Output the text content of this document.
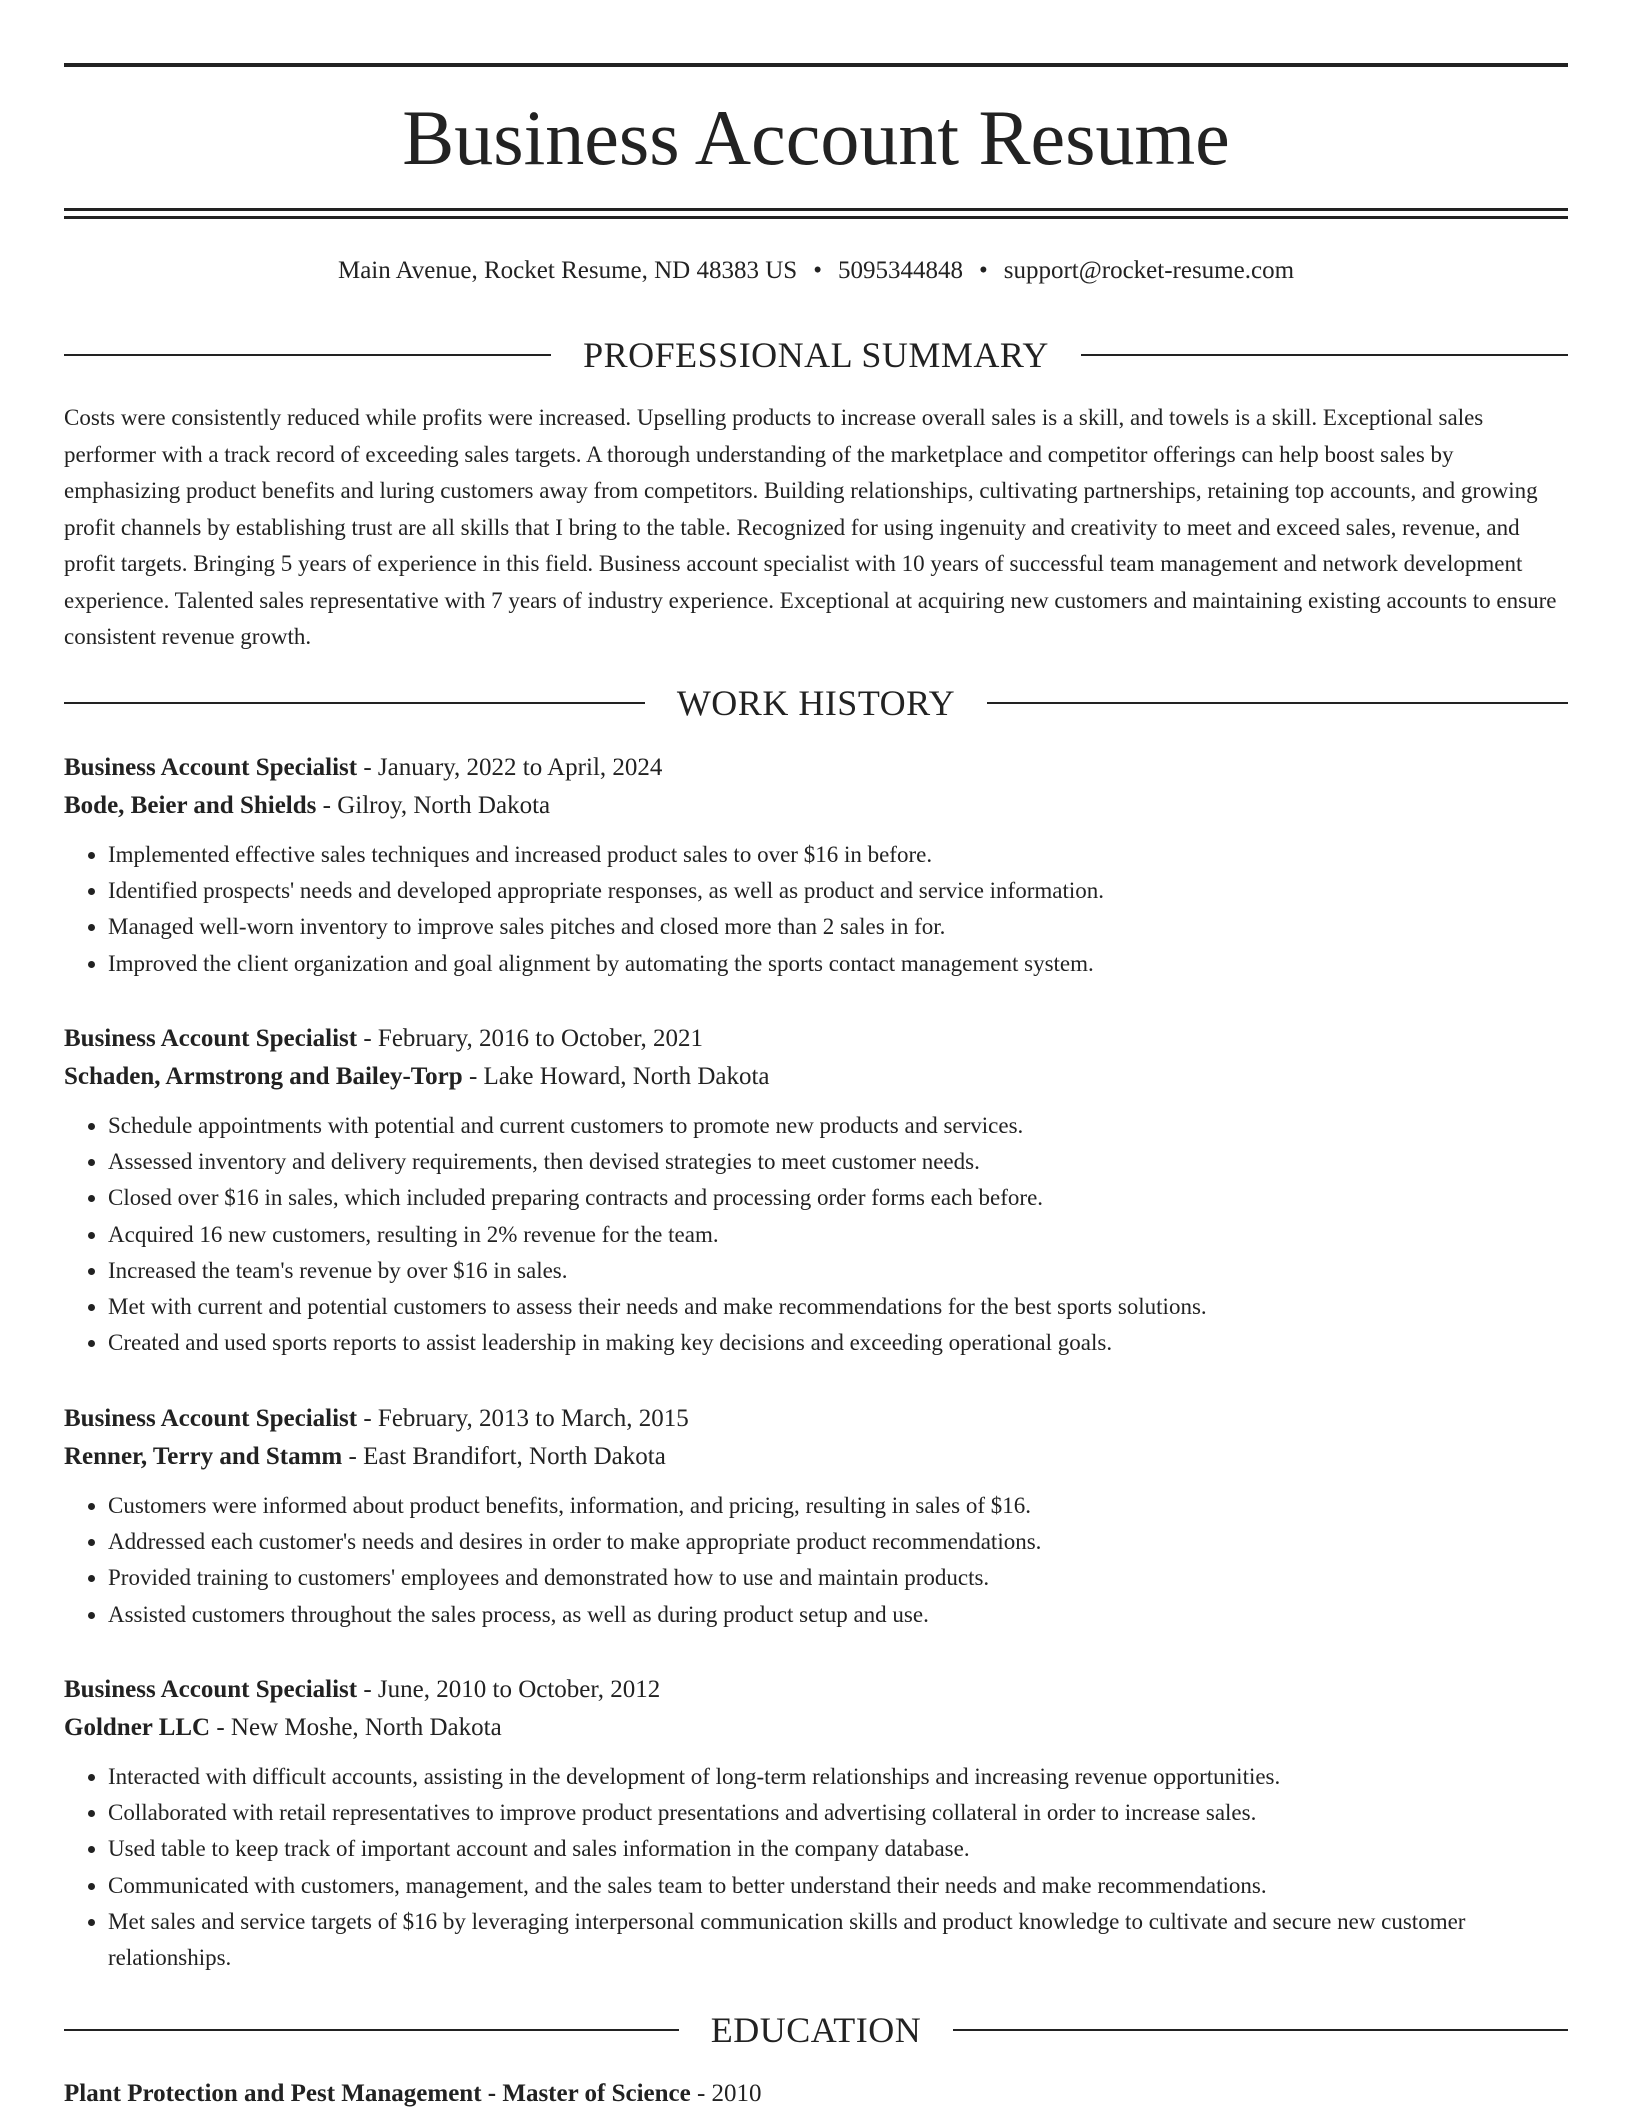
Business Account Resume
Main Avenue, Rocket Resume, ND 48383 US • 5095344848 • support@rocket-resume.com
PROFESSIONAL SUMMARY

Costs were consistently reduced while profits were increased. Upselling products to increase overall sales is a skill, and towels is a skill. Exceptional sales performer with a track record of exceeding sales targets. A thorough understanding of the marketplace and competitor offerings can help boost sales by emphasizing product benefits and luring customers away from competitors. Building relationships, cultivating partnerships, retaining top accounts, and growing profit channels by establishing trust are all skills that I bring to the table. Recognized for using ingenuity and creativity to meet and exceed sales, revenue, and profit targets. Bringing 5 years of experience in this field. Business account specialist with 10 years of successful team management and network development experience. Talented sales representative with 7 years of industry experience. Exceptional at acquiring new customers and maintaining existing accounts to ensure consistent revenue growth.

WORK HISTORY
Business Account Specialist - January, 2022 to April, 2024
Bode, Beier and Shields - Gilroy, North Dakota
• Implemented effective sales techniques and increased product sales to over $16 in before.
• Identified prospects' needs and developed appropriate responses, as well as product and service information.
• Managed well-worn inventory to improve sales pitches and closed more than 2 sales in for.
• Improved the client organization and goal alignment by automating the sports contact management system.
Business Account Specialist - February, 2016 to October, 2021
Schaden, Armstrong and Bailey-Torp - Lake Howard, North Dakota
• Schedule appointments with potential and current customers to promote new products and services.
• Assessed inventory and delivery requirements, then devised strategies to meet customer needs.
• Closed over $16 in sales, which included preparing contracts and processing order forms each before.
• Acquired 16 new customers, resulting in 2% revenue for the team.
• Increased the team's revenue by over $16 in sales.
• Met with current and potential customers to assess their needs and make recommendations for the best sports solutions.
• Created and used sports reports to assist leadership in making key decisions and exceeding operational goals.
Business Account Specialist - February, 2013 to March, 2015
Renner, Terry and Stamm - East Brandifort, North Dakota
• Customers were informed about product benefits, information, and pricing, resulting in sales of $16.
• Addressed each customer's needs and desires in order to make appropriate product recommendations.
• Provided training to customers' employees and demonstrated how to use and maintain products.
• Assisted customers throughout the sales process, as well as during product setup and use.
Business Account Specialist - June, 2010 to October, 2012
Goldner LLC - New Moshe, North Dakota
• Interacted with difficult accounts, assisting in the development of long-term relationships and increasing revenue opportunities.
• Collaborated with retail representatives to improve product presentations and advertising collateral in order to increase sales.
• Used table to keep track of important account and sales information in the company database.
• Communicated with customers, management, and the sales team to better understand their needs and make recommendations.
• Met sales and service targets of $16 by leveraging interpersonal communication skills and product knowledge to cultivate and secure new customer relationships.
EDUCATION
Plant Protection and Pest Management - Master of Science - 2010
